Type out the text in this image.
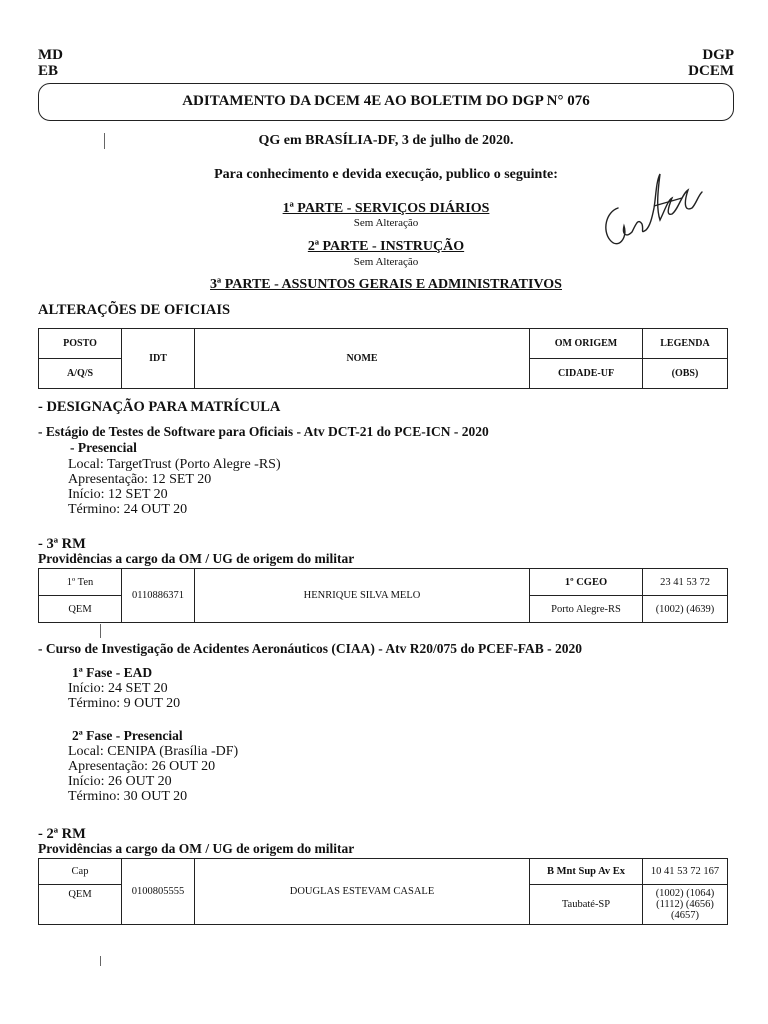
MD
EB
DGP
DCEM
ADITAMENTO DA DCEM 4E AO BOLETIM DO DGP N° 076
QG em BRASÍLIA-DF, 3 de julho de 2020.
Para conhecimento e devida execução, publico o seguinte:
1ª PARTE - SERVIÇOS DIÁRIOS
Sem Alteração
2ª PARTE - INSTRUÇÃO
Sem Alteração
3ª PARTE - ASSUNTOS GERAIS E ADMINISTRATIVOS
ALTERAÇÕES DE OFICIAIS
POSTO	IDT	NOME	OM ORIGEM	LEGENDA
A/Q/S			CIDADE-UF	(OBS)
- DESIGNAÇÃO PARA MATRÍCULA
- Estágio de Testes de Software para Oficiais - Atv DCT-21 do PCE-ICN - 2020
- Presencial
Local: TargetTrust (Porto Alegre -RS)
Apresentação: 12 SET 20
Início: 12 SET 20
Término: 24 OUT 20
- 3ª RM
Providências a cargo da OM / UG de origem do militar
1º Ten	0110886371	HENRIQUE SILVA MELO	1º CGEO	23 41 53 72
QEM			Porto Alegre-RS	(1002) (4639)
- Curso de Investigação de Acidentes Aeronáuticos (CIAA) - Atv R20/075 do PCEF-FAB - 2020
1ª Fase - EAD
Início: 24 SET 20
Término: 9 OUT 20
2ª Fase - Presencial
Local: CENIPA (Brasília -DF)
Apresentação: 26 OUT 20
Início: 26 OUT 20
Término: 30 OUT 20
- 2ª RM
Providências a cargo da OM / UG de origem do militar
Cap	0100805555	DOUGLAS ESTEVAM CASALE	B Mnt Sup Av Ex	10 41 53 72 167
QEM			Taubaté-SP	(1002) (1064)
(1112) (4656)
(4657)
